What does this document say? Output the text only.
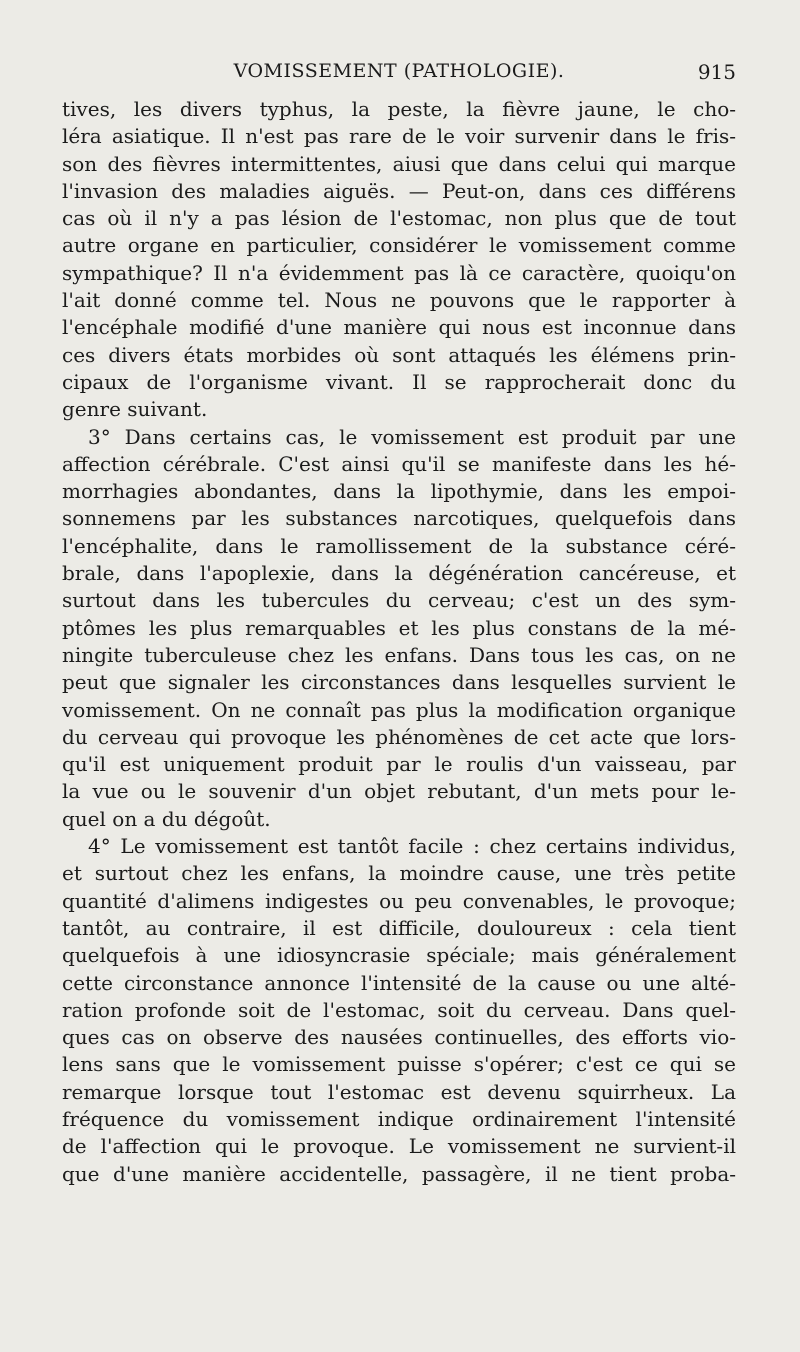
VOMISSEMENT (PATHOLOGIE).	915
tives, les divers typhus, la peste, la fièvre jaune, le cho-
léra asiatique. Il n'est pas rare de le voir survenir dans le fris-
son des fièvres intermittentes, aiusi que dans celui qui marque
l'invasion des maladies aiguës. — Peut-on, dans ces différens
cas où il n'y a pas lésion de l'estomac, non plus que de tout
autre organe en particulier, considérer le vomissement comme
sympathique? Il n'a évidemment pas là ce caractère, quoiqu'on
l'ait donné comme tel. Nous ne pouvons que le rapporter à
l'encéphale modifié d'une manière qui nous est inconnue dans
ces divers états morbides où sont attaqués les élémens prin-
cipaux de l'organisme vivant. Il se rapprocherait donc du
genre suivant.
3° Dans certains cas, le vomissement est produit par une
affection cérébrale. C'est ainsi qu'il se manifeste dans les hé-
morrhagies abondantes, dans la lipothymie, dans les empoi-
sonnemens par les substances narcotiques, quelquefois dans
l'encéphalite, dans le ramollissement de la substance céré-
brale, dans l'apoplexie, dans la dégénération cancéreuse, et
surtout dans les tubercules du cerveau; c'est un des sym-
ptômes les plus remarquables et les plus constans de la mé-
ningite tuberculeuse chez les enfans. Dans tous les cas, on ne
peut que signaler les circonstances dans lesquelles survient le
vomissement. On ne connaît pas plus la modification organique
du cerveau qui provoque les phénomènes de cet acte que lors-
qu'il est uniquement produit par le roulis d'un vaisseau, par
la vue ou le souvenir d'un objet rebutant, d'un mets pour le-
quel on a du dégoût.
4° Le vomissement est tantôt facile : chez certains individus,
et surtout chez les enfans, la moindre cause, une très petite
quantité d'alimens indigestes ou peu convenables, le provoque;
tantôt, au contraire, il est difficile, douloureux : cela tient
quelquefois à une idiosyncrasie spéciale; mais généralement
cette circonstance annonce l'intensité de la cause ou une alté-
ration profonde soit de l'estomac, soit du cerveau. Dans quel-
ques cas on observe des nausées continuelles, des efforts vio-
lens sans que le vomissement puisse s'opérer; c'est ce qui se
remarque lorsque tout l'estomac est devenu squirrheux. La
fréquence du vomissement indique ordinairement l'intensité
de l'affection qui le provoque. Le vomissement ne survient-il
que d'une manière accidentelle, passagère, il ne tient proba-
